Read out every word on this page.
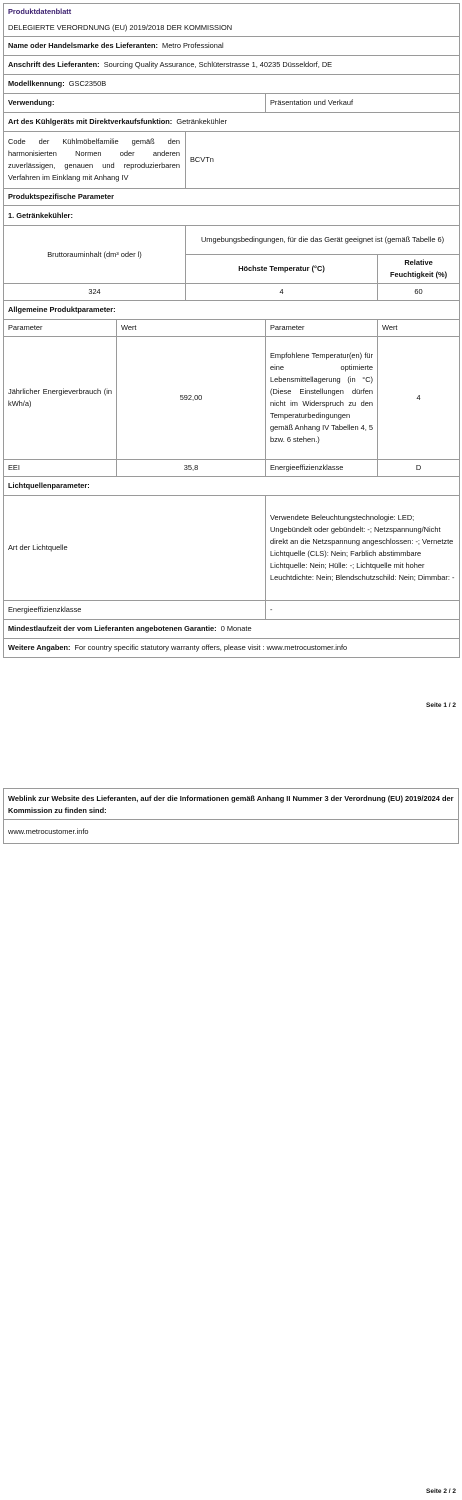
Produktdatenblatt				
DELEGIERTE VERORDNUNG (EU) 2019/2018 DER KOMMISSION				
Name oder Handelsmarke des Lieferanten: Metro Professional				
Anschrift des Lieferanten: Sourcing Quality Assurance, Schlüterstrasse 1, 40235 Düsseldorf, DE				
Modellkennung: GSC2350B				
Verwendung:			Präsentation und Verkauf	
Art des Kühlgeräts mit Direktverkaufsfunktion: Getränkekühler				
Code der Kühlmöbelfamilie gemäß den harmonisierten Normen oder anderen zuverlässigen, genauen und reproduzierbaren Verfahren im Einklang mit Anhang IV		BCVTn		
Produktspezifische Parameter				
1. Getränkekühler:				
Bruttorauminhalt (dm³ oder l)		Umgebungsbedingungen, für die das Gerät geeignet ist (gemäß Tabelle 6)		
		Höchste Temperatur (°C)		Relative Feuchtigkeit (%)
324		4		60
Allgemeine Produktparameter:				
Parameter	Wert		Parameter	Wert
Jährlicher Energieverbrauch (in kWh/a)	592,00		Empfohlene Temperatur(en) für eine optimierte Lebensmittellagerung (in °C) (Diese Einstellungen dürfen nicht im Widerspruch zu den Temperaturbedingungen gemäß Anhang IV Tabellen 4, 5 bzw. 6 stehen.)	4
EEI	35,8		Energieeffizienzklasse	D
Lichtquellenparameter:				
Art der Lichtquelle			Verwendete Beleuchtungstechnologie: LED; Ungebündelt oder gebündelt: -; Netzspannung/Nicht direkt an die Netzspannung angeschlossen: -; Vernetzte Lichtquelle (CLS): Nein; Farblich abstimmbare Lichtquelle: Nein; Hülle: -; Lichtquelle mit hoher Leuchtdichte: Nein; Blendschutzschild: Nein; Dimmbar: -	
Energieeffizienzklasse			-	
Mindestlaufzeit der vom Lieferanten angebotenen Garantie: 0 Monate				
Weitere Angaben: For country specific statutory warranty offers, please visit : www.metrocustomer.info				
Seite 1 / 2
Weblink zur Website des Lieferanten, auf der die Informationen gemäß Anhang II Nummer 3 der Verordnung (EU) 2019/2024 der Kommission zu finden sind:
www.metrocustomer.info
Seite 2 / 2
